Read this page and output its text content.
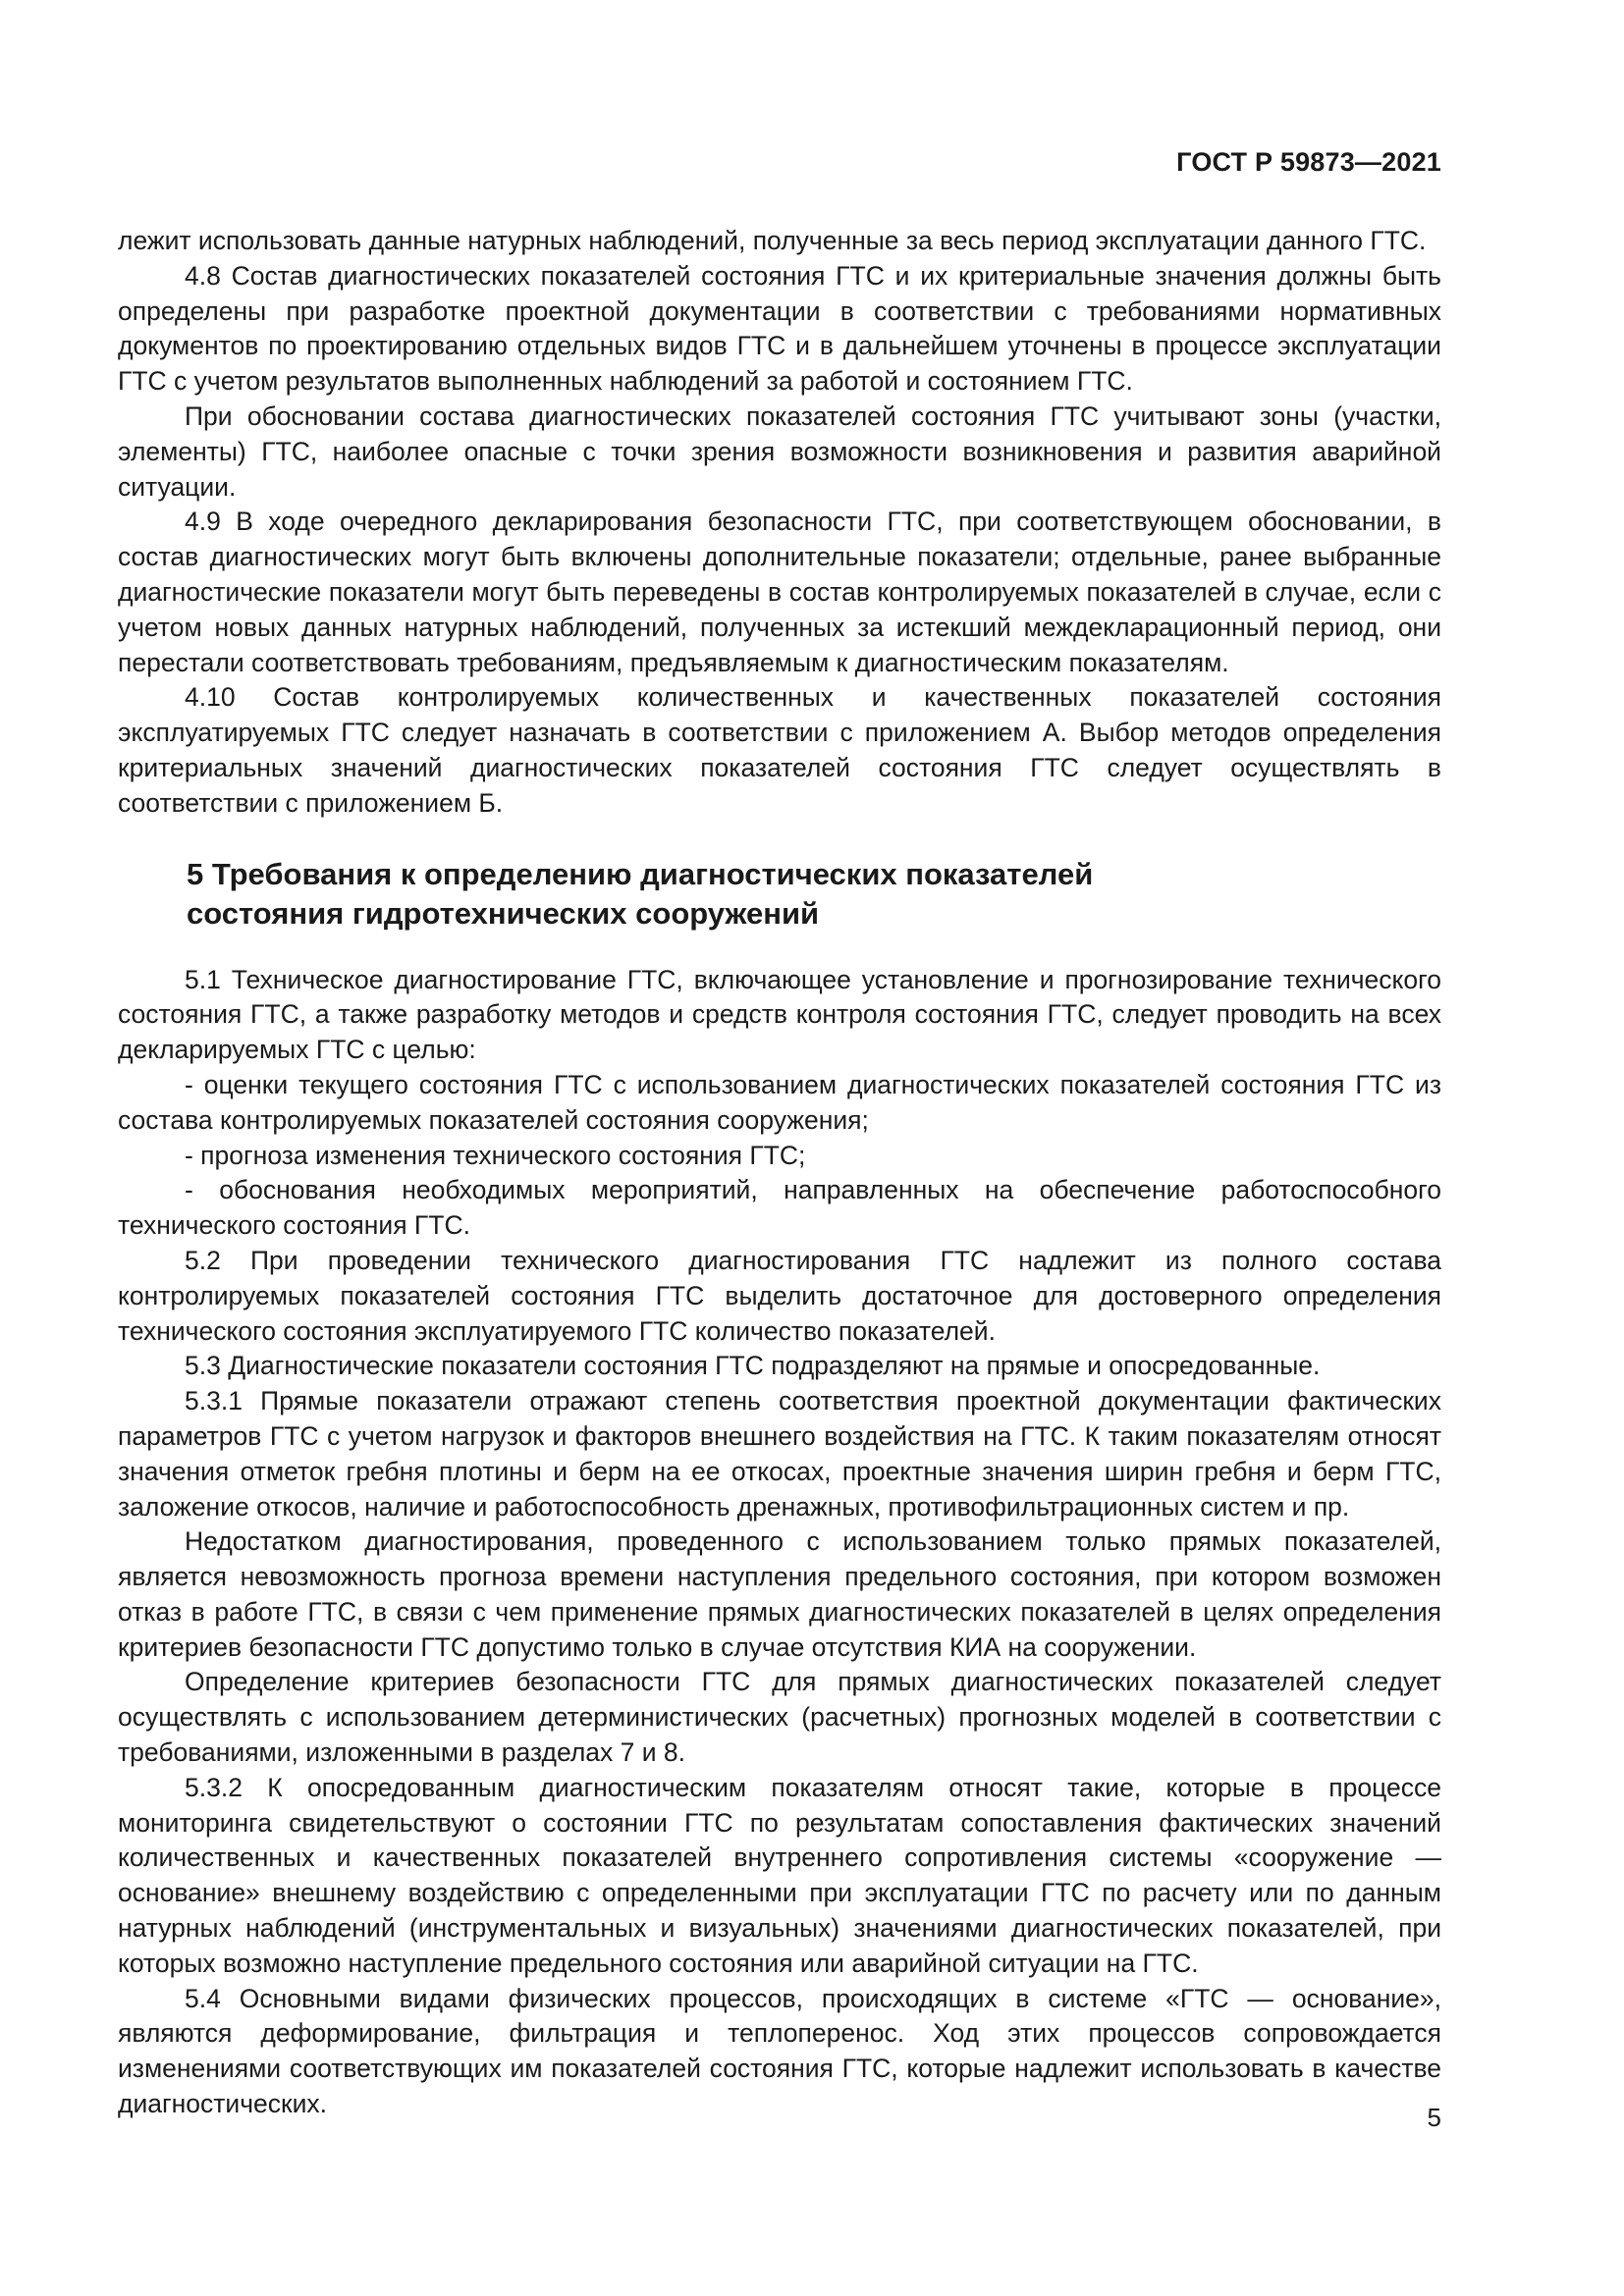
ГОСТ Р 59873—2021

лежит использовать данные натурных наблюдений, полученные за весь период эксплуатации данного ГТС.

4.8 Состав диагностических показателей состояния ГТС и их критериальные значения должны быть определены при разработке проектной документации в соответствии с требованиями нормативных документов по проектированию отдельных видов ГТС и в дальнейшем уточнены в процессе эксплуатации ГТС с учетом результатов выполненных наблюдений за работой и состоянием ГТС.

При обосновании состава диагностических показателей состояния ГТС учитывают зоны (участки, элементы) ГТС, наиболее опасные с точки зрения возможности возникновения и развития аварийной ситуации.

4.9 В ходе очередного декларирования безопасности ГТС, при соответствующем обосновании, в состав диагностических могут быть включены дополнительные показатели; отдельные, ранее выбранные диагностические показатели могут быть переведены в состав контролируемых показателей в случае, если с учетом новых данных натурных наблюдений, полученных за истекший междекларационный период, они перестали соответствовать требованиям, предъявляемым к диагностическим показателям.

4.10 Состав контролируемых количественных и качественных показателей состояния эксплуатируемых ГТС следует назначать в соответствии с приложением А. Выбор методов определения критериальных значений диагностических показателей состояния ГТС следует осуществлять в соответствии с приложением Б.

5 Требования к определению диагностических показателей
состояния гидротехнических сооружений

5.1 Техническое диагностирование ГТС, включающее установление и прогнозирование технического состояния ГТС, а также разработку методов и средств контроля состояния ГТС, следует проводить на всех декларируемых ГТС с целью:

- оценки текущего состояния ГТС с использованием диагностических показателей состояния ГТС из состава контролируемых показателей состояния сооружения;

- прогноза изменения технического состояния ГТС;

- обоснования необходимых мероприятий, направленных на обеспечение работоспособного технического состояния ГТС.

5.2 При проведении технического диагностирования ГТС надлежит из полного состава контролируемых показателей состояния ГТС выделить достаточное для достоверного определения технического состояния эксплуатируемого ГТС количество показателей.

5.3 Диагностические показатели состояния ГТС подразделяют на прямые и опосредованные.

5.3.1 Прямые показатели отражают степень соответствия проектной документации фактических параметров ГТС с учетом нагрузок и факторов внешнего воздействия на ГТС. К таким показателям относят значения отметок гребня плотины и берм на ее откосах, проектные значения ширин гребня и берм ГТС, заложение откосов, наличие и работоспособность дренажных, противофильтрационных систем и пр.

Недостатком диагностирования, проведенного с использованием только прямых показателей, является невозможность прогноза времени наступления предельного состояния, при котором возможен отказ в работе ГТС, в связи с чем применение прямых диагностических показателей в целях определения критериев безопасности ГТС допустимо только в случае отсутствия КИА на сооружении.

Определение критериев безопасности ГТС для прямых диагностических показателей следует осуществлять с использованием детерминистических (расчетных) прогнозных моделей в соответствии с требованиями, изложенными в разделах 7 и 8.

5.3.2 К опосредованным диагностическим показателям относят такие, которые в процессе мониторинга свидетельствуют о состоянии ГТС по результатам сопоставления фактических значений количественных и качественных показателей внутреннего сопротивления системы «сооружение — основание» внешнему воздействию с определенными при эксплуатации ГТС по расчету или по данным натурных наблюдений (инструментальных и визуальных) значениями диагностических показателей, при которых возможно наступление предельного состояния или аварийной ситуации на ГТС.

5.4 Основными видами физических процессов, происходящих в системе «ГТС — основание», являются деформирование, фильтрация и теплоперенос. Ход этих процессов сопровождается изменениями соответствующих им показателей состояния ГТС, которые надлежит использовать в качестве диагностических.	5
